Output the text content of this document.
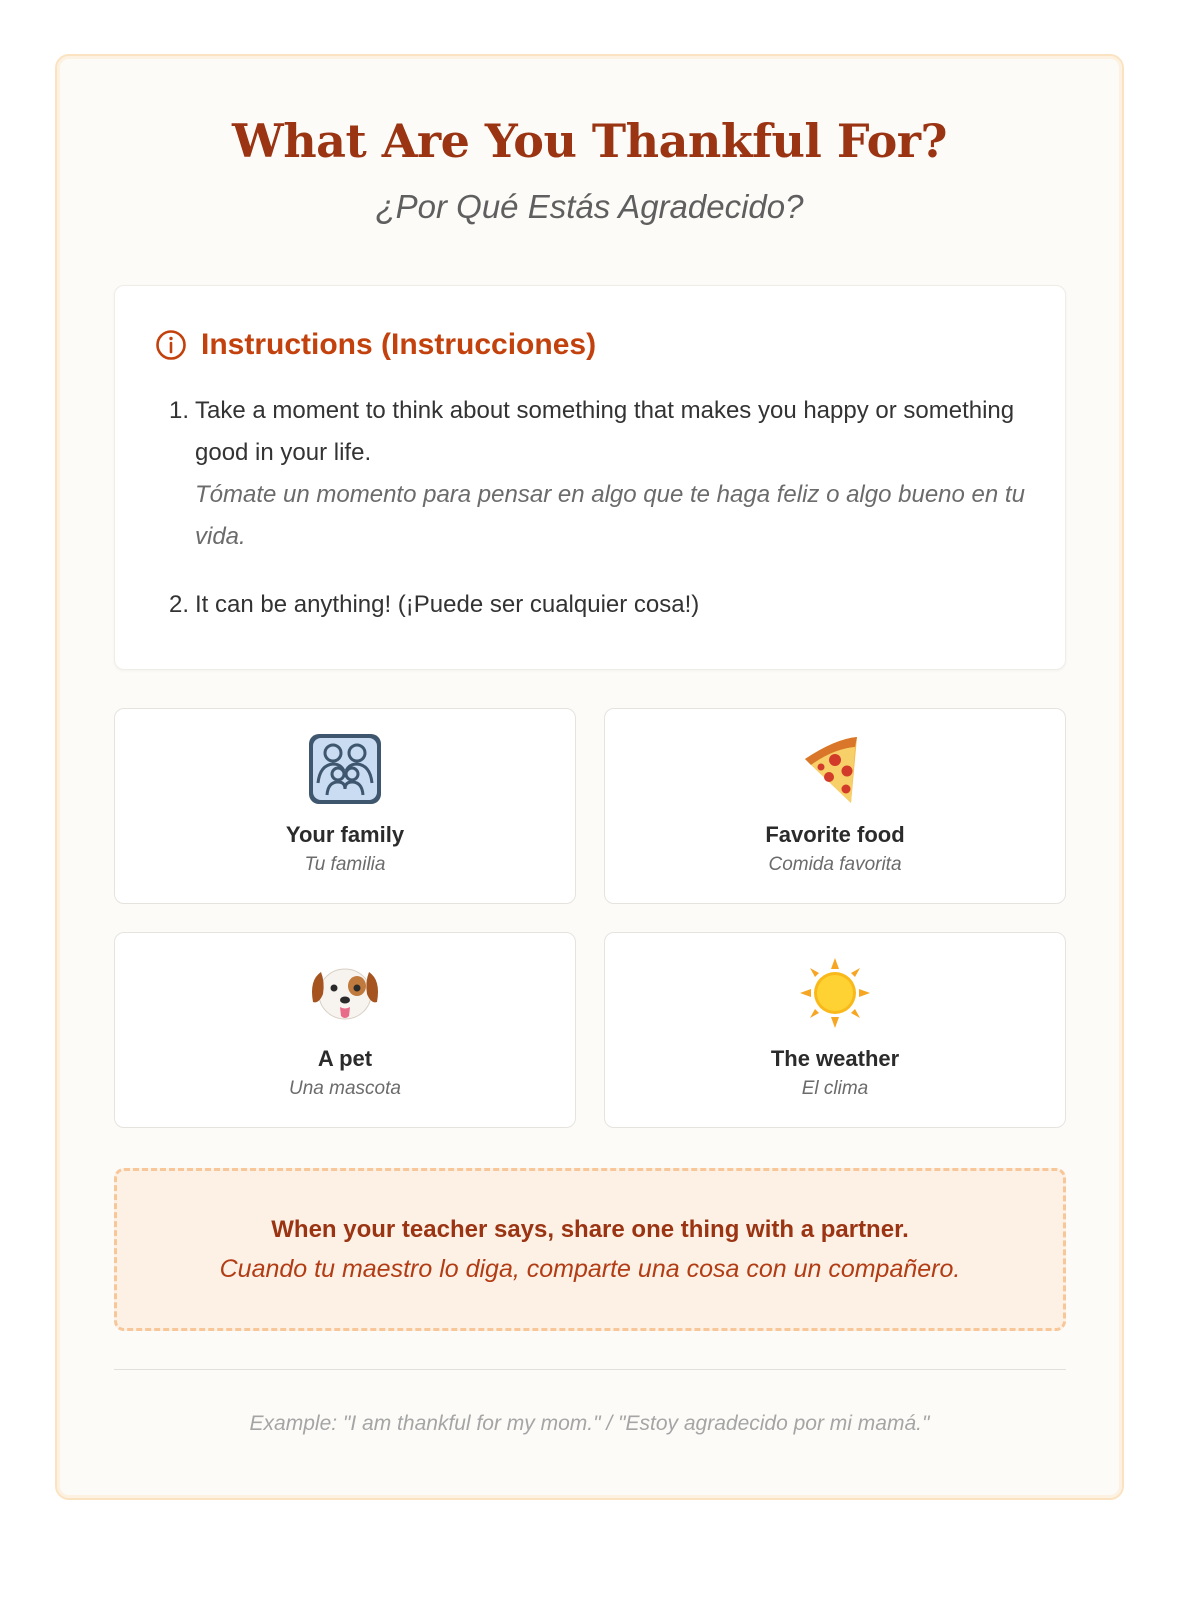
What Are You Thankful For?
¿Por Qué Estás Agradecido?
Instructions (Instrucciones)
1. Take a moment to think about something that makes you happy or something good in your life.
Tómate un momento para pensar en algo que te haga feliz o algo bueno en tu vida.
2. It can be anything! (¡Puede ser cualquier cosa!)
Your family
Tu familia
Favorite food
Comida favorita
A pet
Una mascota
The weather
El clima
When your teacher says, share one thing with a partner.
Cuando tu maestro lo diga, comparte una cosa con un compañero.
Example: "I am thankful for my mom." / "Estoy agradecido por mi mamá."
